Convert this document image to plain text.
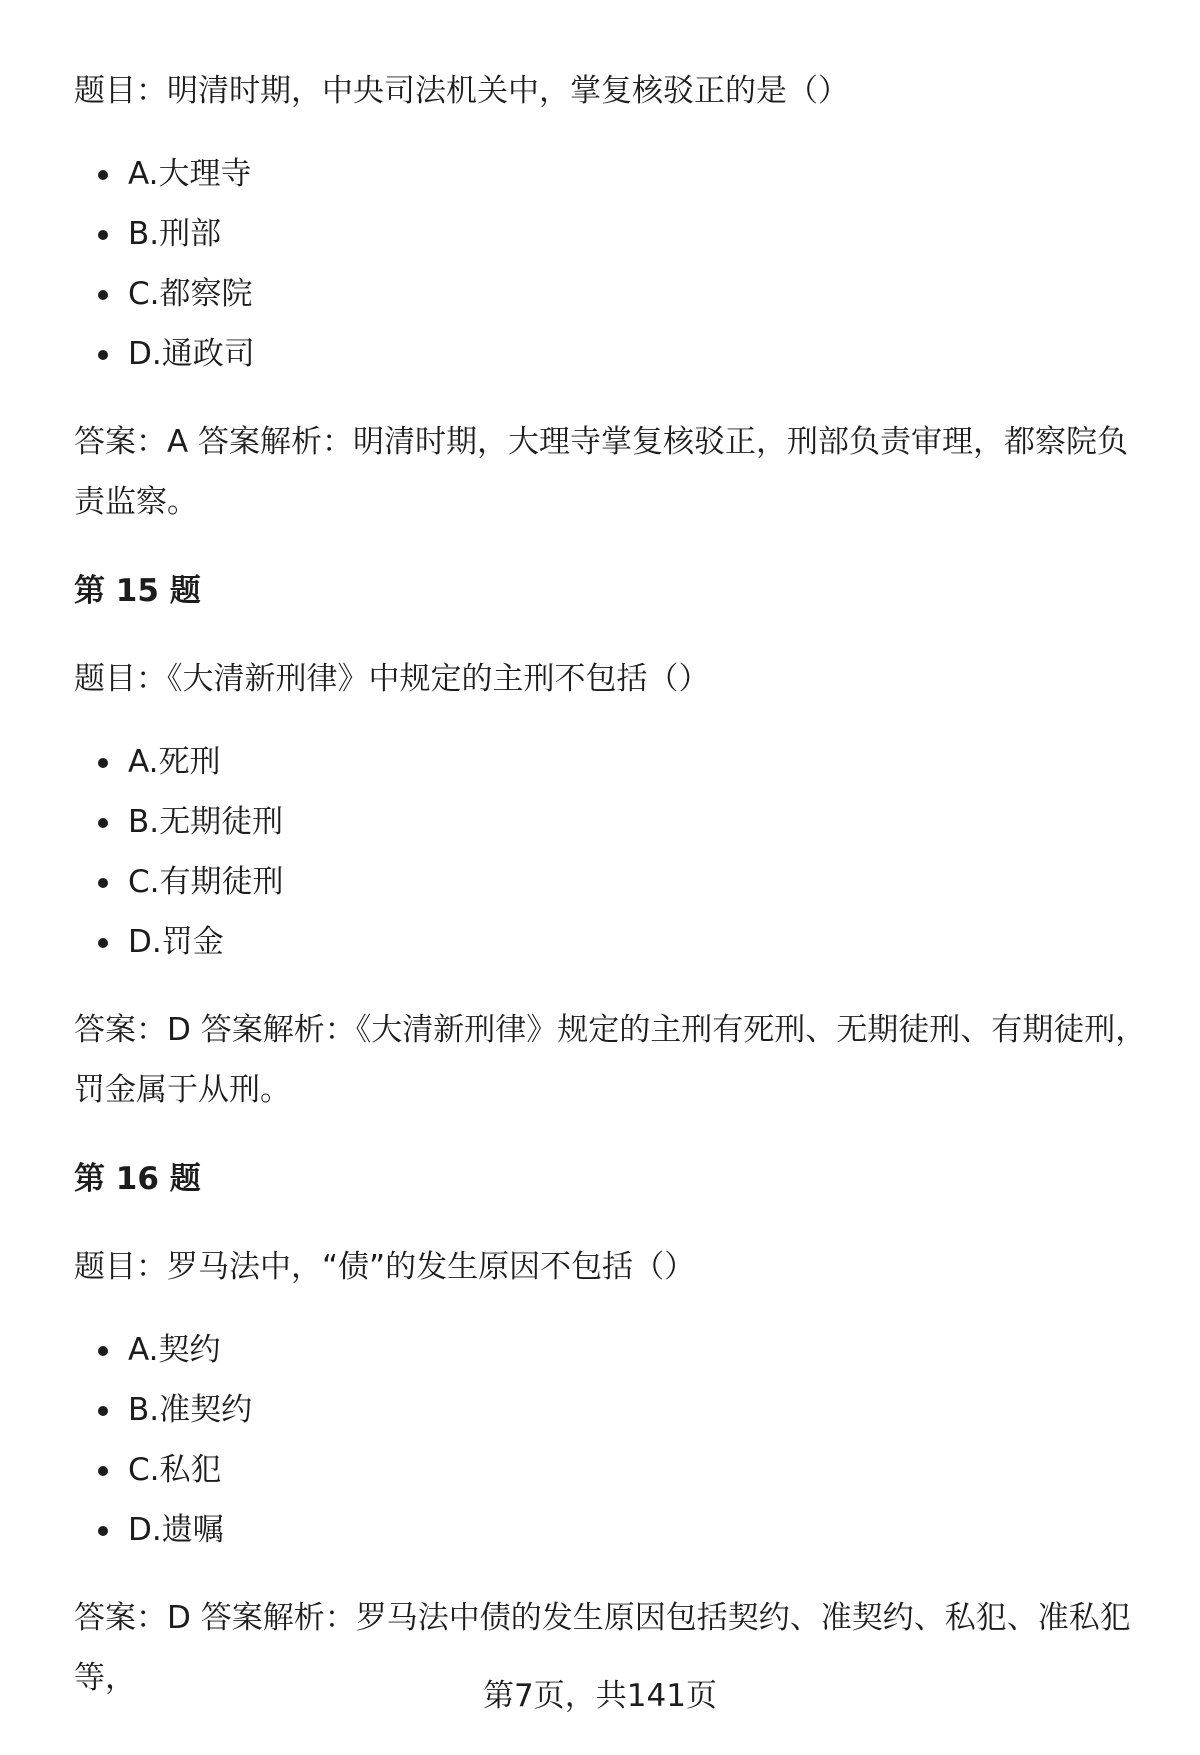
题目：明清时期，中央司法机关中，掌复核驳正的是（）

A.大理寺
B.刑部
C.都察院
D.通政司

答案：A 答案解析：明清时期，大理寺掌复核驳正，刑部负责审理，都察院负责监察。

第 15 题

题目：《大清新刑律》中规定的主刑不包括（）

A.死刑
B.无期徒刑
C.有期徒刑
D.罚金

答案：D 答案解析：《大清新刑律》规定的主刑有死刑、无期徒刑、有期徒刑，罚金属于从刑。

第 16 题

题目：罗马法中，“债”的发生原因不包括（）

A.契约
B.准契约
C.私犯
D.遗嘱

答案：D 答案解析：罗马法中债的发生原因包括契约、准契约、私犯、准私犯等，	第7页，共141页
